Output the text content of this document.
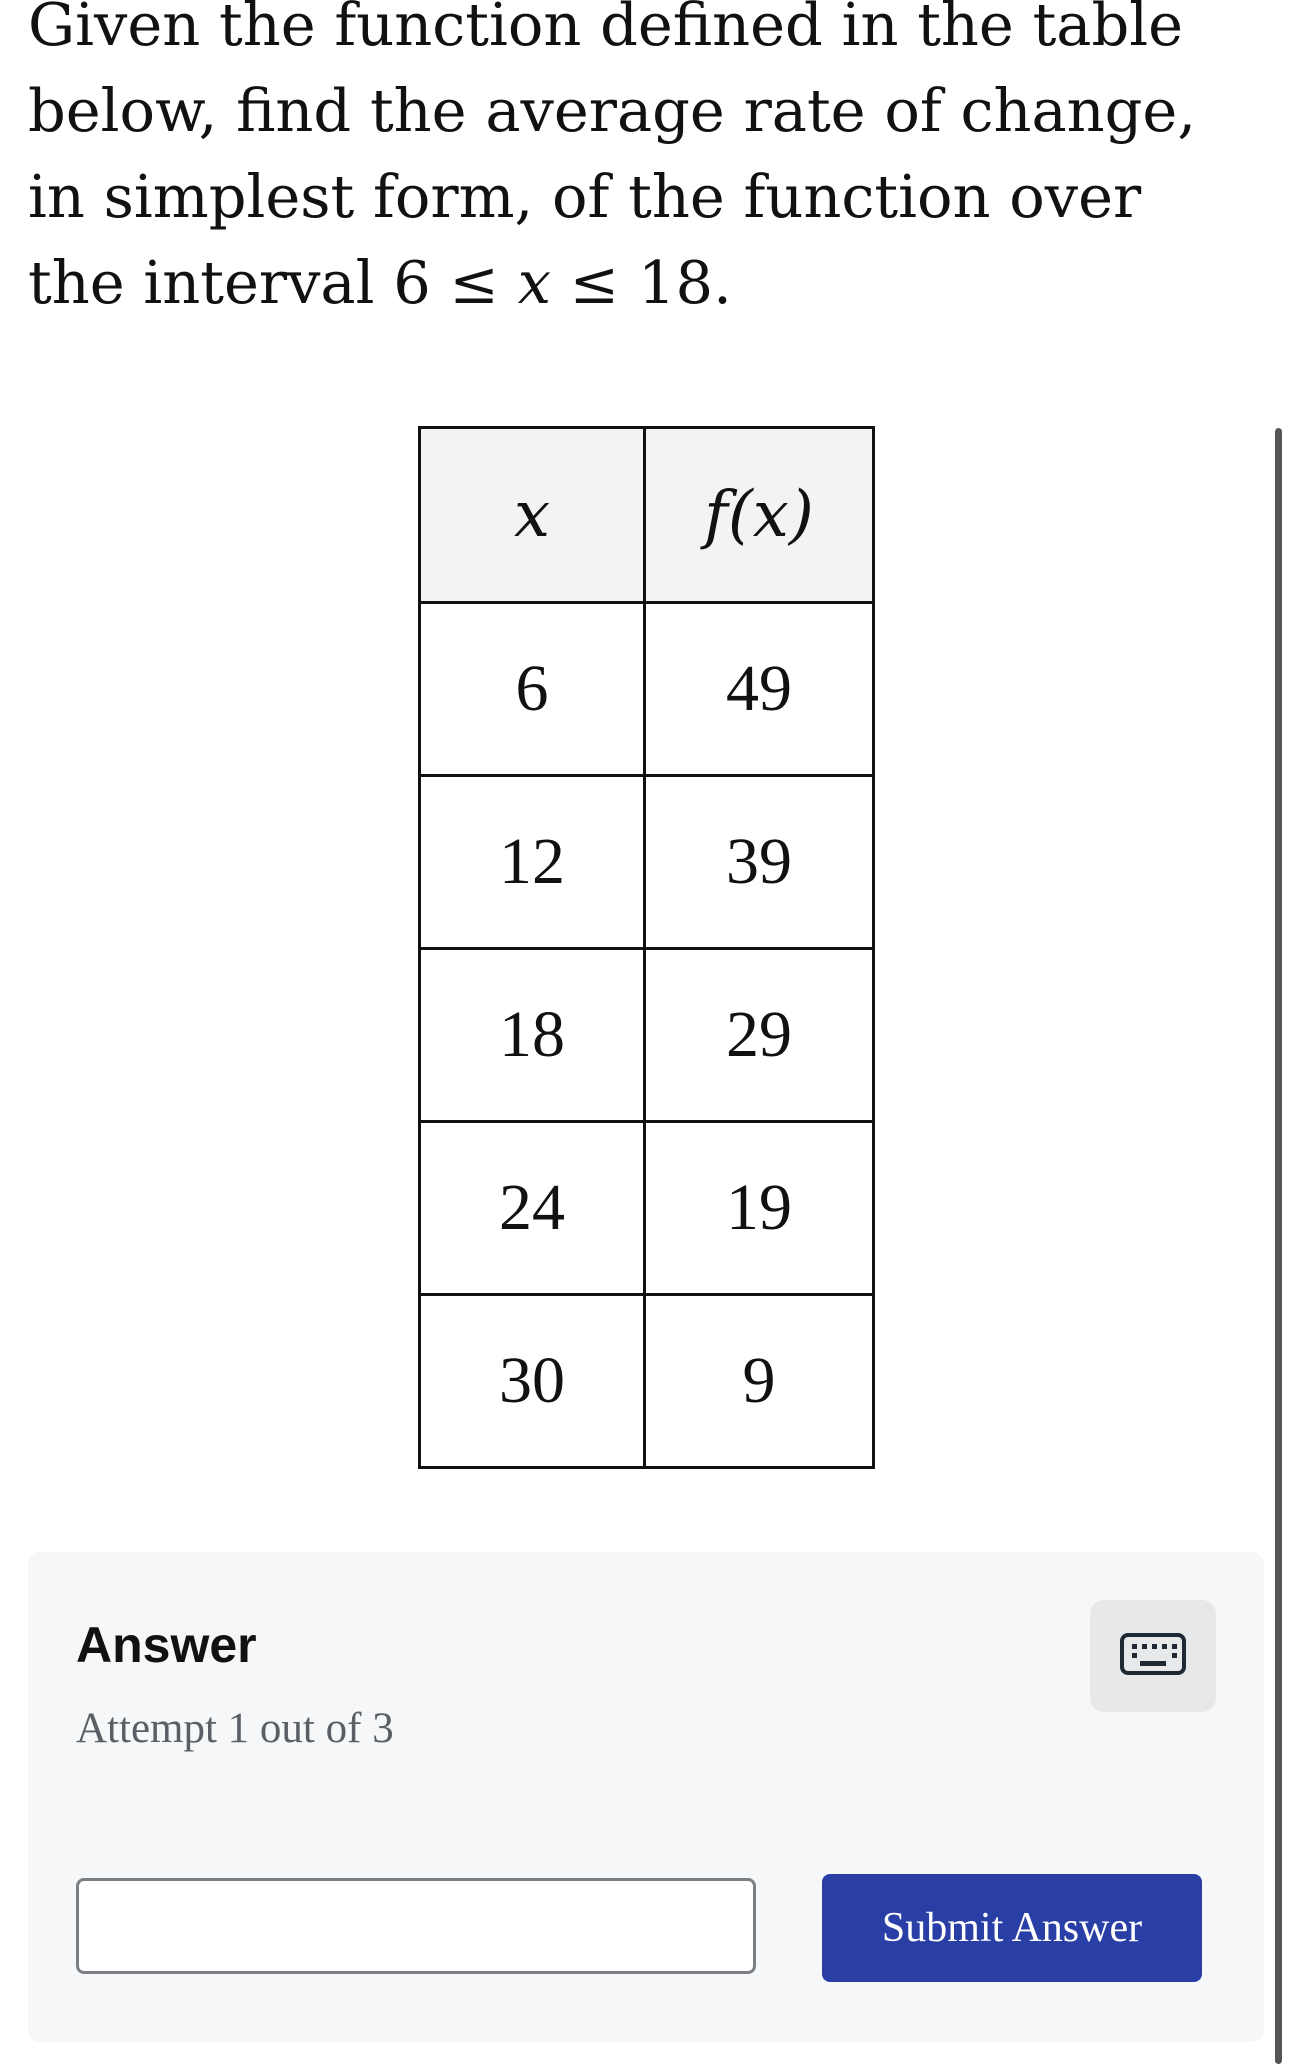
Given the function defined in the table below, find the average rate of change, in simplest form, of the function over the interval 6 ≤ x ≤ 18.
x	f(x)
6	49
12	39
18	29
24	19
30	9
Answer
Attempt 1 out of 3
Submit Answer
